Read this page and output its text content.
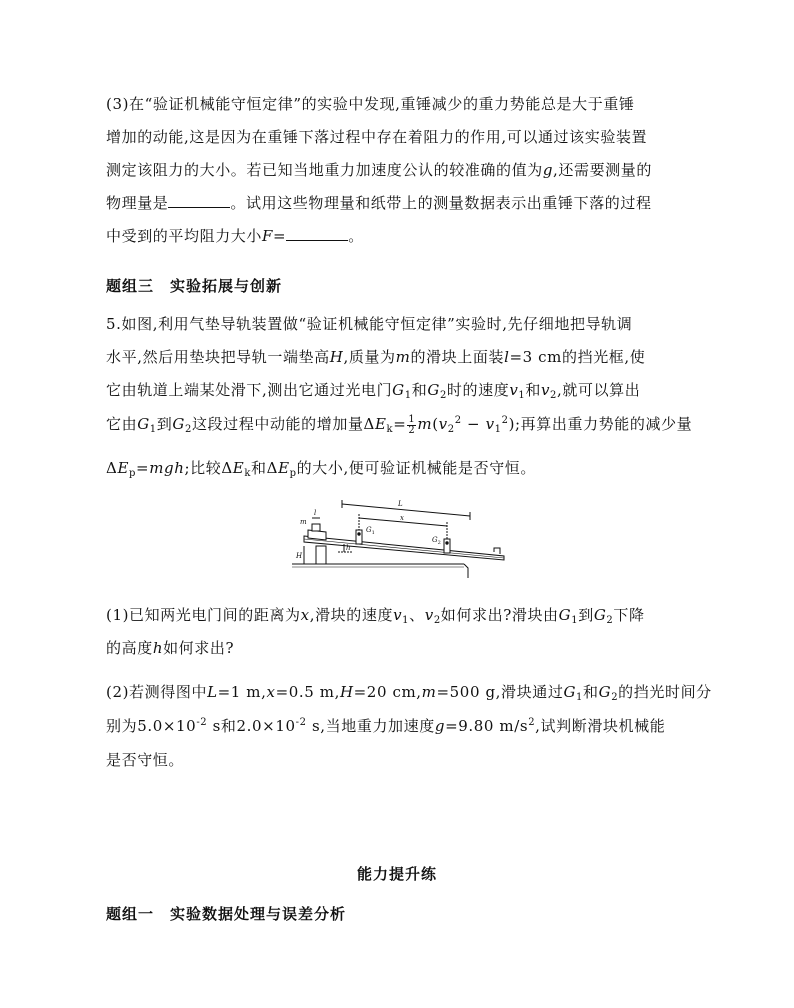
(3)在“验证机械能守恒定律”的实验中发现,重锤减少的重力势能总是大于重锤
增加的动能,这是因为在重锤下落过程中存在着阻力的作用,可以通过该实验装置
测定该阻力的大小。若已知当地重力加速度公认的较准确的值为g,还需要测量的
物理量是	。试用这些物理量和纸带上的测量数据表示出重锤下落的过程
中受到的平均阻力大小F=	。
题组三　实验拓展与创新
5.如图,利用气垫导轨装置做“验证机械能守恒定律”实验时,先仔细地把导轨调
水平,然后用垫块把导轨一端垫高H,质量为m的滑块上面装l=3 cm的挡光框,使
它由轨道上端某处滑下,测出它通过光电门$G_1$和$G_2$时的速度$v_1$和$v_2$,就可以算出
它由$G_1$到$G_2$这段过程中动能的增加量$\Delta E_k= \frac{1}{2} m(v_2^2 - v_1^2)$;再算出重力势能的减少量
$\Delta E_p=mgh$;比较$\Delta E_k$和$\Delta E_p$的大小,便可验证机械能是否守恒。
m
l
L
x
$G_1$
$G_2$
H
h
(1)已知两光电门间的距离为x,滑块的速度$v_1$、$v_2$如何求出?滑块由$G_1$到$G_2$下降
的高度h如何求出?
(2)若测得图中L=1 m,x=0.5 m,H=20 cm,m=500 g,滑块通过$G_1$和$G_2$的挡光时间分
别为$5.0\times 10^{-2}$ s和$2.0\times 10^{-2}$ s,当地重力加速度g=9.80 $m/s^2$,试判断滑块机械能
是否守恒。
能力提升练
题组一　实验数据处理与误差分析
